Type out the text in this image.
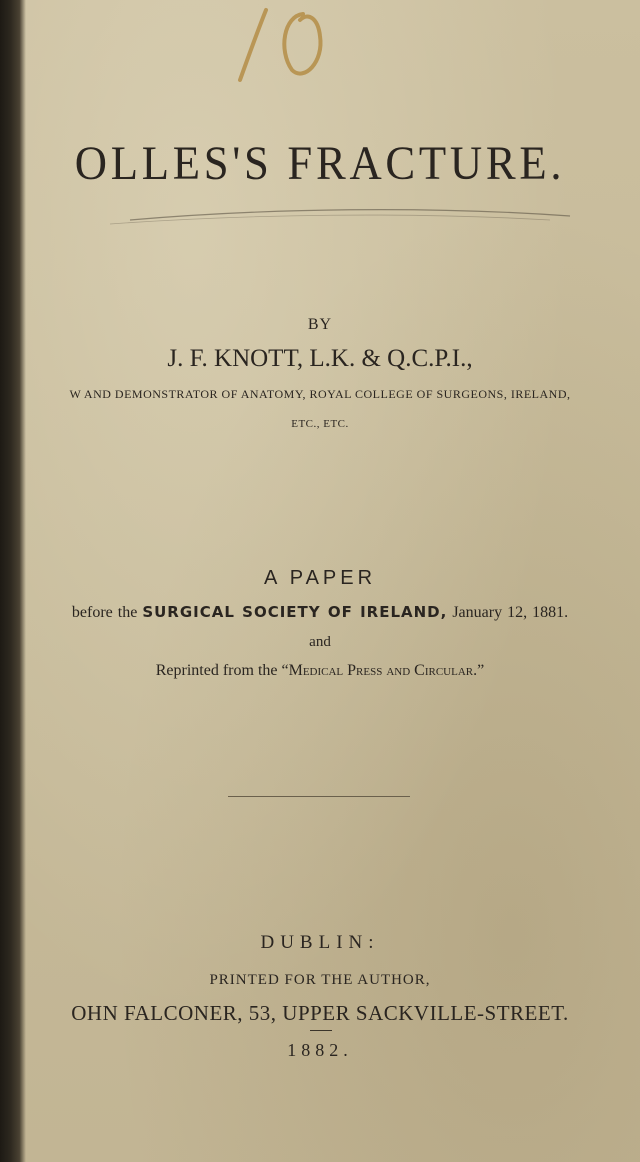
OLLES'S FRACTURE.
BY
J. F. KNOTT, L.K. & Q.C.P.I.,
W AND DEMONSTRATOR OF ANATOMY, ROYAL COLLEGE OF SURGEONS, IRELAND,
ETC., ETC.
A PAPER
before the SURGICAL SOCIETY OF IRELAND, January 12, 1881.
and
Reprinted from the “Medical Press and Circular.”
DUBLIN:
PRINTED FOR THE AUTHOR,
OHN FALCONER, 53, UPPER SACKVILLE-STREET.
1882.
